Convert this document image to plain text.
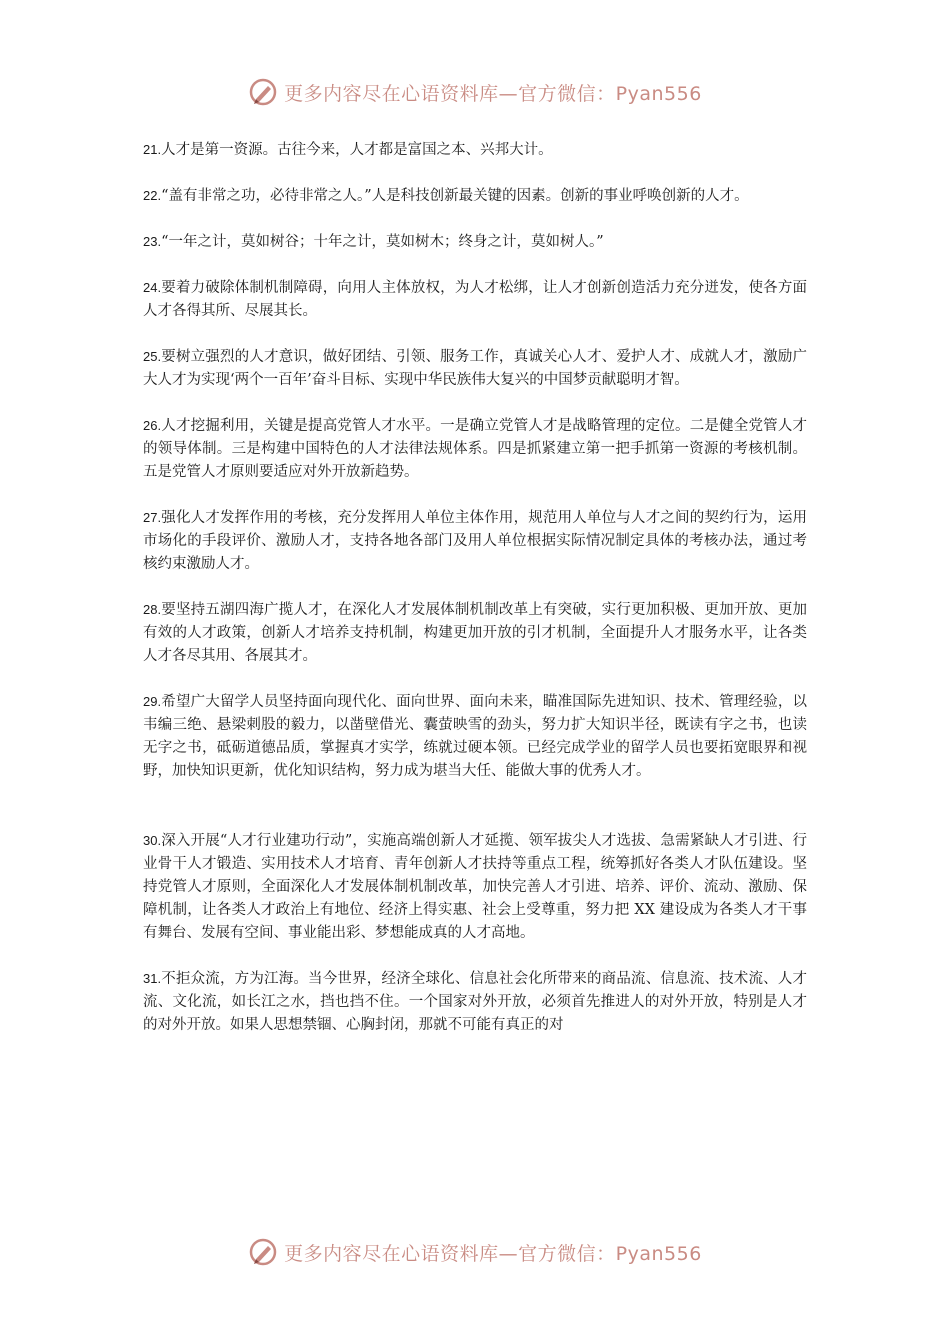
更多内容尽在心语资料库—官方微信：Pyan556

21.人才是第一资源。古往今来，人才都是富国之本、兴邦大计。

22.“盖有非常之功，必待非常之人。”人是科技创新最关键的因素。创新的事业呼唤创新的人才。

23.“一年之计，莫如树谷；十年之计，莫如树木；终身之计，莫如树人。”

24.要着力破除体制机制障碍，向用人主体放权，为人才松绑，让人才创新创造活力充分迸发，使各方面人才各得其所、尽展其长。

25.要树立强烈的人才意识，做好团结、引领、服务工作，真诚关心人才、爱护人才、成就人才，激励广大人才为实现‘两个一百年’奋斗目标、实现中华民族伟大复兴的中国梦贡献聪明才智。

26.人才挖掘利用，关键是提高党管人才水平。一是确立党管人才是战略管理的定位。二是健全党管人才的领导体制。三是构建中国特色的人才法律法规体系。四是抓紧建立第一把手抓第一资源的考核机制。五是党管人才原则要适应对外开放新趋势。

27.强化人才发挥作用的考核，充分发挥用人单位主体作用，规范用人单位与人才之间的契约行为，运用市场化的手段评价、激励人才，支持各地各部门及用人单位根据实际情况制定具体的考核办法，通过考核约束激励人才。

28.要坚持五湖四海广揽人才，在深化人才发展体制机制改革上有突破，实行更加积极、更加开放、更加有效的人才政策，创新人才培养支持机制，构建更加开放的引才机制，全面提升人才服务水平，让各类人才各尽其用、各展其才。

29.希望广大留学人员坚持面向现代化、面向世界、面向未来，瞄准国际先进知识、技术、管理经验，以韦编三绝、悬梁刺股的毅力，以凿壁借光、囊萤映雪的劲头，努力扩大知识半径，既读有字之书，也读无字之书，砥砺道德品质，掌握真才实学，练就过硬本领。已经完成学业的留学人员也要拓宽眼界和视野，加快知识更新，优化知识结构，努力成为堪当大任、能做大事的优秀人才。

30.深入开展“人才行业建功行动”，实施高端创新人才延揽、领军拔尖人才选拔、急需紧缺人才引进、行业骨干人才锻造、实用技术人才培育、青年创新人才扶持等重点工程，统筹抓好各类人才队伍建设。坚持党管人才原则，全面深化人才发展体制机制改革，加快完善人才引进、培养、评价、流动、激励、保障机制，让各类人才政治上有地位、经济上得实惠、社会上受尊重，努力把 XX 建设成为各类人才干事有舞台、发展有空间、事业能出彩、梦想能成真的人才高地。

31.不拒众流，方为江海。当今世界，经济全球化、信息社会化所带来的商品流、信息流、技术流、人才流、文化流，如长江之水，挡也挡不住。一个国家对外开放，必须首先推进人的对外开放，特别是人才的对外开放。如果人思想禁锢、心胸封闭，那就不可能有真正的对

更多内容尽在心语资料库—官方微信：Pyan556
